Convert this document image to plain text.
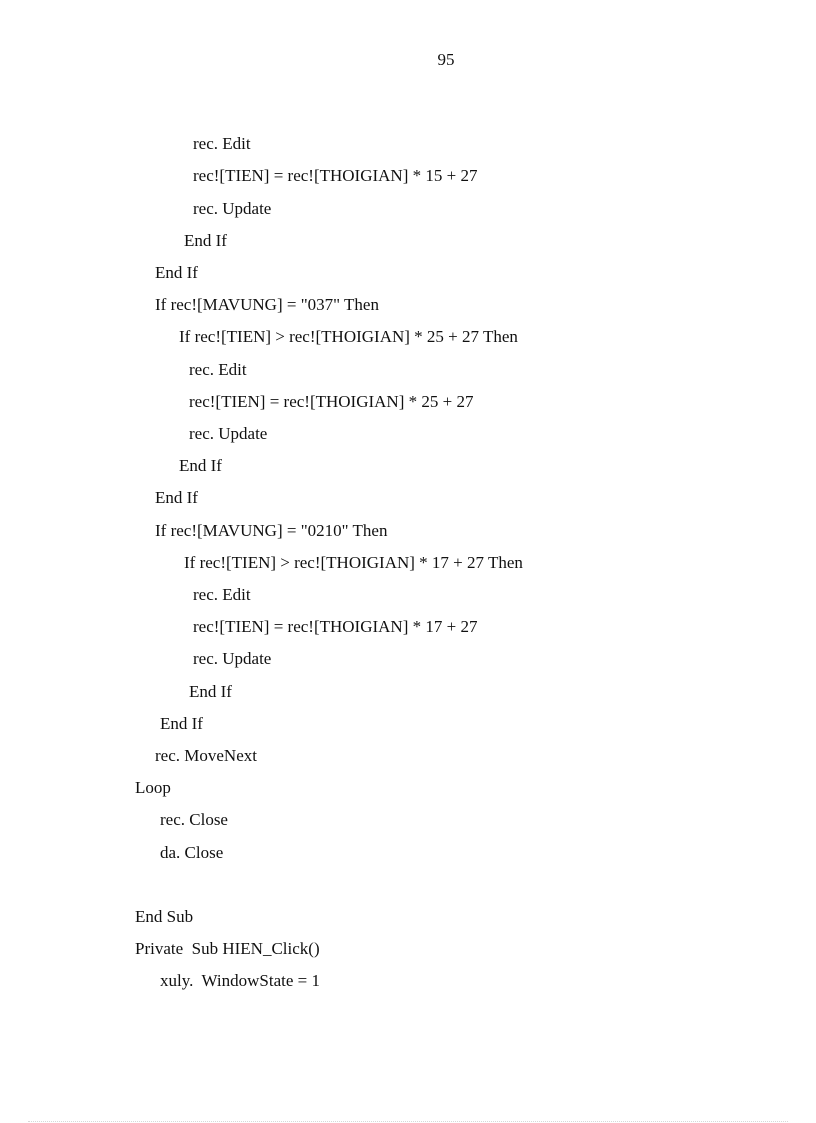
95
rec. Edit
rec![TIEN] = rec![THOIGIAN] * 15 + 27
rec. Update
End If
End If
If rec![MAVUNG] = "037" Then
If rec![TIEN] > rec![THOIGIAN] * 25 + 27 Then
rec. Edit
rec![TIEN] = rec![THOIGIAN] * 25 + 27
rec. Update
End If
End If
If rec![MAVUNG] = "0210" Then
If rec![TIEN] > rec![THOIGIAN] * 17 + 27 Then
rec. Edit
rec![TIEN] = rec![THOIGIAN] * 17 + 27
rec. Update
End If
End If
rec. MoveNext
Loop
rec. Close
da. Close
End Sub
Private  Sub HIEN_Click()
xuly.  WindowState = 1
